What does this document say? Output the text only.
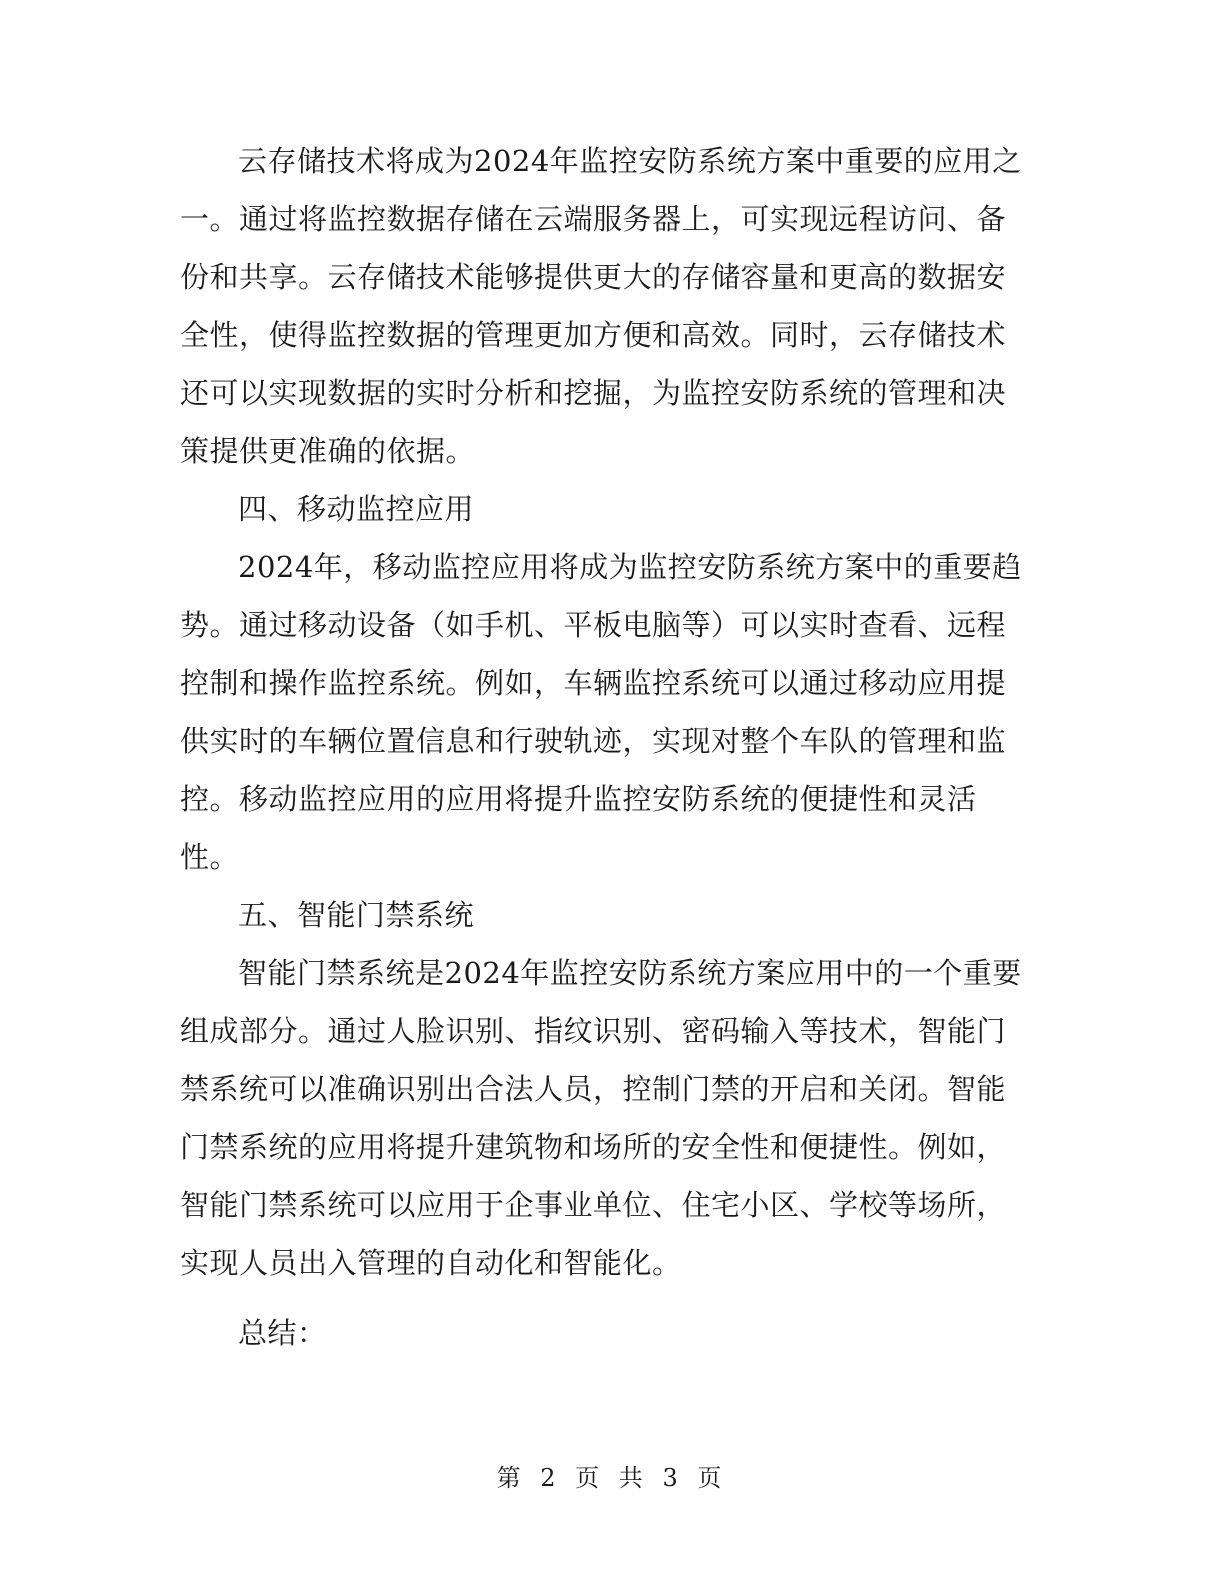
云存储技术将成为2024年监控安防系统方案中重要的应用之
一。通过将监控数据存储在云端服务器上，可实现远程访问、备
份和共享。云存储技术能够提供更大的存储容量和更高的数据安
全性，使得监控数据的管理更加方便和高效。同时，云存储技术
还可以实现数据的实时分析和挖掘，为监控安防系统的管理和决
策提供更准确的依据。
四、移动监控应用
2024年，移动监控应用将成为监控安防系统方案中的重要趋
势。通过移动设备（如手机、平板电脑等）可以实时查看、远程
控制和操作监控系统。例如，车辆监控系统可以通过移动应用提
供实时的车辆位置信息和行驶轨迹，实现对整个车队的管理和监
控。移动监控应用的应用将提升监控安防系统的便捷性和灵活
性。
五、智能门禁系统
智能门禁系统是2024年监控安防系统方案应用中的一个重要
组成部分。通过人脸识别、指纹识别、密码输入等技术，智能门
禁系统可以准确识别出合法人员，控制门禁的开启和关闭。智能
门禁系统的应用将提升建筑物和场所的安全性和便捷性。例如，
智能门禁系统可以应用于企事业单位、住宅小区、学校等场所，
实现人员出入管理的自动化和智能化。
总结：
第 2 页 共 3 页
